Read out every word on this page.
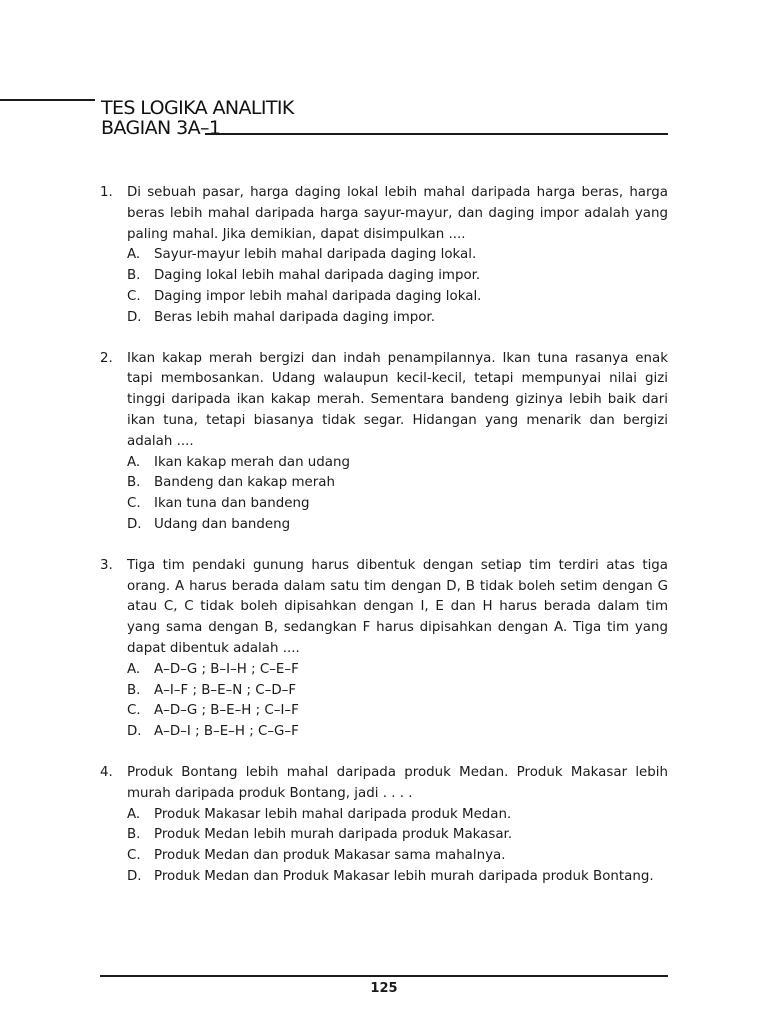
TES LOGIKA ANALITIK
BAGIAN 3A–1
1.	Di sebuah pasar, harga daging lokal lebih mahal daripada harga beras, harga beras lebih mahal daripada harga sayur-mayur, dan daging impor adalah yang paling mahal. Jika demikian, dapat disimpulkan ....
A.	Sayur-mayur lebih mahal daripada daging lokal.
B.	Daging lokal lebih mahal daripada daging impor.
C. Daging impor lebih mahal daripada daging lokal.
D. Beras lebih mahal daripada daging impor.
2.	Ikan kakap merah bergizi dan indah penampilannya. Ikan tuna rasanya enak tapi membosankan. Udang walaupun kecil-kecil, tetapi mempunyai nilai gizi tinggi daripada ikan kakap merah. Sementara bandeng gizinya lebih baik dari ikan tuna, tetapi biasanya tidak segar. Hidangan yang menarik dan bergizi adalah ....
A.	Ikan kakap merah dan udang
B.	Bandeng dan kakap merah
C. Ikan tuna dan bandeng
D. Udang dan bandeng
3.	Tiga tim pendaki gunung harus dibentuk dengan setiap tim terdiri atas tiga orang. A harus berada dalam satu tim dengan D, B tidak boleh setim dengan G atau C, C tidak boleh dipisahkan dengan I, E dan H harus berada dalam tim yang sama dengan B, sedangkan F harus dipisahkan dengan A. Tiga tim yang dapat dibentuk adalah ....
A.	A–D–G ; B–I–H ; C–E–F
B.	A–I–F ; B–E–N ; C–D–F
C. A–D–G ; B–E–H ; C–I–F
D. A–D–I ; B–E–H ; C–G–F
4.	Produk Bontang lebih mahal daripada produk Medan. Produk Makasar lebih murah daripada produk Bontang, jadi . . . .
A.	Produk Makasar lebih mahal daripada produk Medan.
B.	Produk Medan lebih murah daripada produk Makasar.
C. Produk Medan dan produk Makasar sama mahalnya.
D. Produk Medan dan Produk Makasar lebih murah daripada produk Bontang.
125
